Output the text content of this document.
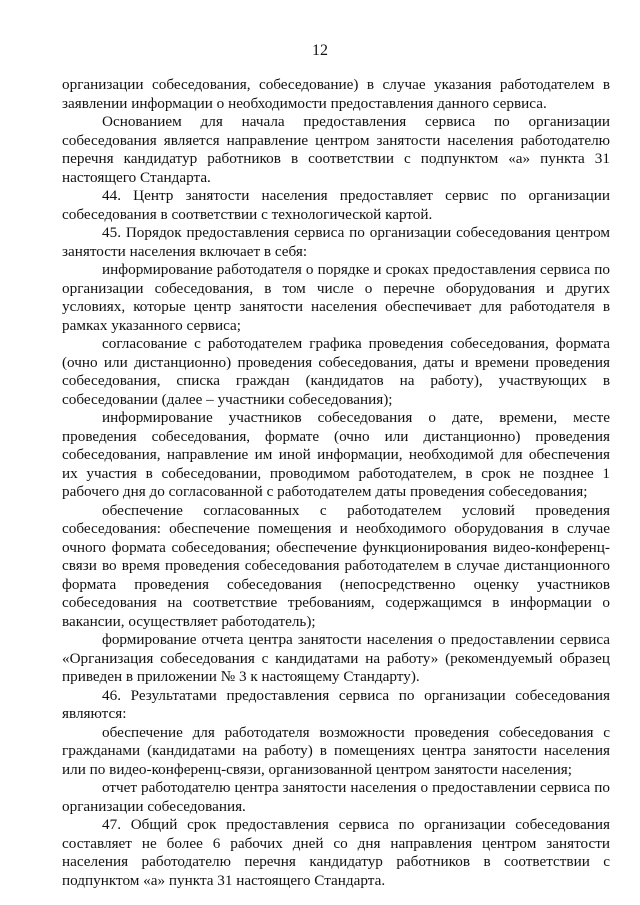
12

организации собеседования, собеседование) в случае указания работодателем в заявлении информации о необходимости предоставления данного сервиса.

Основанием для начала предоставления сервиса по организации собеседования является направление центром занятости населения работодателю перечня кандидатур работников в соответствии с подпунктом «а» пункта 31 настоящего Стандарта.

44. Центр занятости населения предоставляет сервис по организации собеседования в соответствии с технологической картой.

45. Порядок предоставления сервиса по организации собеседования центром занятости населения включает в себя:

информирование работодателя о порядке и сроках предоставления сервиса по организации собеседования, в том числе о перечне оборудования и других условиях, которые центр занятости населения обеспечивает для работодателя в рамках указанного сервиса;

согласование с работодателем графика проведения собеседования, формата (очно или дистанционно) проведения собеседования, даты и времени проведения собеседования, списка граждан (кандидатов на работу), участвующих в собеседовании (далее – участники собеседования);

информирование участников собеседования о дате, времени, месте проведения собеседования, формате (очно или дистанционно) проведения собеседования, направление им иной информации, необходимой для обеспечения их участия в собеседовании, проводимом работодателем, в срок не позднее 1 рабочего дня до согласованной с работодателем даты проведения собеседования;

обеспечение согласованных с работодателем условий проведения собеседования: обеспечение помещения и необходимого оборудования в случае очного формата собеседования; обеспечение функционирования видео-конференц-связи во время проведения собеседования работодателем в случае дистанционного формата проведения собеседования (непосредственно оценку участников собеседования на соответствие требованиям, содержащимся в информации о вакансии, осуществляет работодатель);

формирование отчета центра занятости населения о предоставлении сервиса «Организация собеседования с кандидатами на работу» (рекомендуемый образец приведен в приложении № 3 к настоящему Стандарту).

46. Результатами предоставления сервиса по организации собеседования являются:

обеспечение для работодателя возможности проведения собеседования с гражданами (кандидатами на работу) в помещениях центра занятости населения или по видео-конференц-связи, организованной центром занятости населения;

отчет работодателю центра занятости населения о предоставлении сервиса по организации собеседования.

47. Общий срок предоставления сервиса по организации собеседования составляет не более 6 рабочих дней со дня направления центром занятости населения работодателю перечня кандидатур работников в соответствии с подпунктом «а» пункта 31 настоящего Стандарта.
